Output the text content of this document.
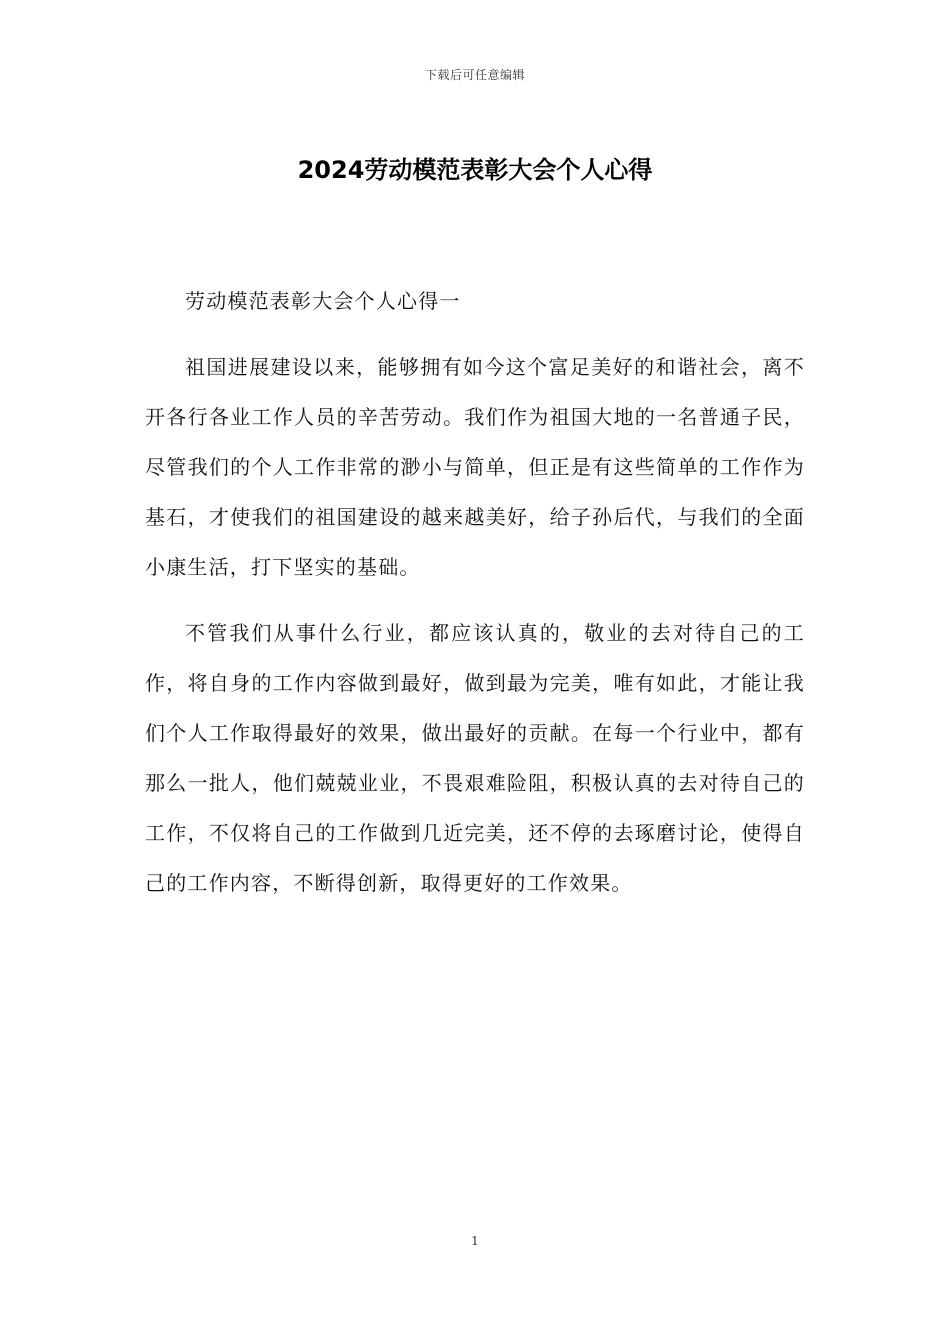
下载后可任意编辑
2024劳动模范表彰大会个人心得

劳动模范表彰大会个人心得一

祖国进展建设以来，能够拥有如今这个富足美好的和谐社会，离不开各行各业工作人员的辛苦劳动。我们作为祖国大地的一名普通子民，尽管我们的个人工作非常的渺小与简单，但正是有这些简单的工作作为基石，才使我们的祖国建设的越来越美好，给子孙后代，与我们的全面小康生活，打下坚实的基础。

不管我们从事什么行业，都应该认真的，敬业的去对待自己的工作，将自身的工作内容做到最好，做到最为完美，唯有如此，才能让我们个人工作取得最好的效果，做出最好的贡献。在每一个行业中，都有那么一批人，他们兢兢业业，不畏艰难险阻，积极认真的去对待自己的工作，不仅将自己的工作做到几近完美，还不停的去琢磨讨论，使得自己的工作内容，不断得创新，取得更好的工作效果。

1
